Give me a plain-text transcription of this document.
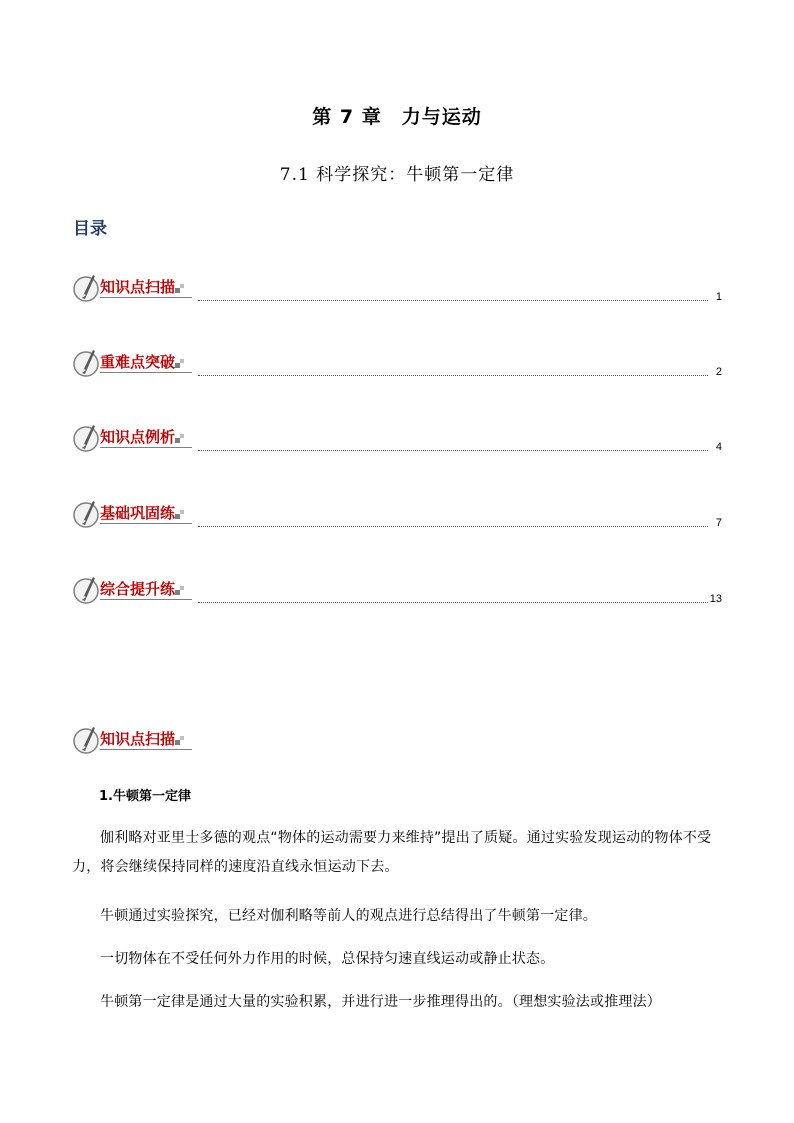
第 7 章　力与运动
7.1 科学探究：牛顿第一定律
目录
知识点扫描
1
重难点突破
2
知识点例析
4
基础巩固练
7
综合提升练
13
知识点扫描
1.牛顿第一定律
伽利略对亚里士多德的观点“物体的运动需要力来维持”提出了质疑。通过实验发现运动的物体不受力，将会继续保持同样的速度沿直线永恒运动下去。
牛顿通过实验探究，已经对伽利略等前人的观点进行总结得出了牛顿第一定律。
一切物体在不受任何外力作用的时候，总保持匀速直线运动或静止状态。
牛顿第一定律是通过大量的实验积累，并进行进一步推理得出的。（理想实验法或推理法）
